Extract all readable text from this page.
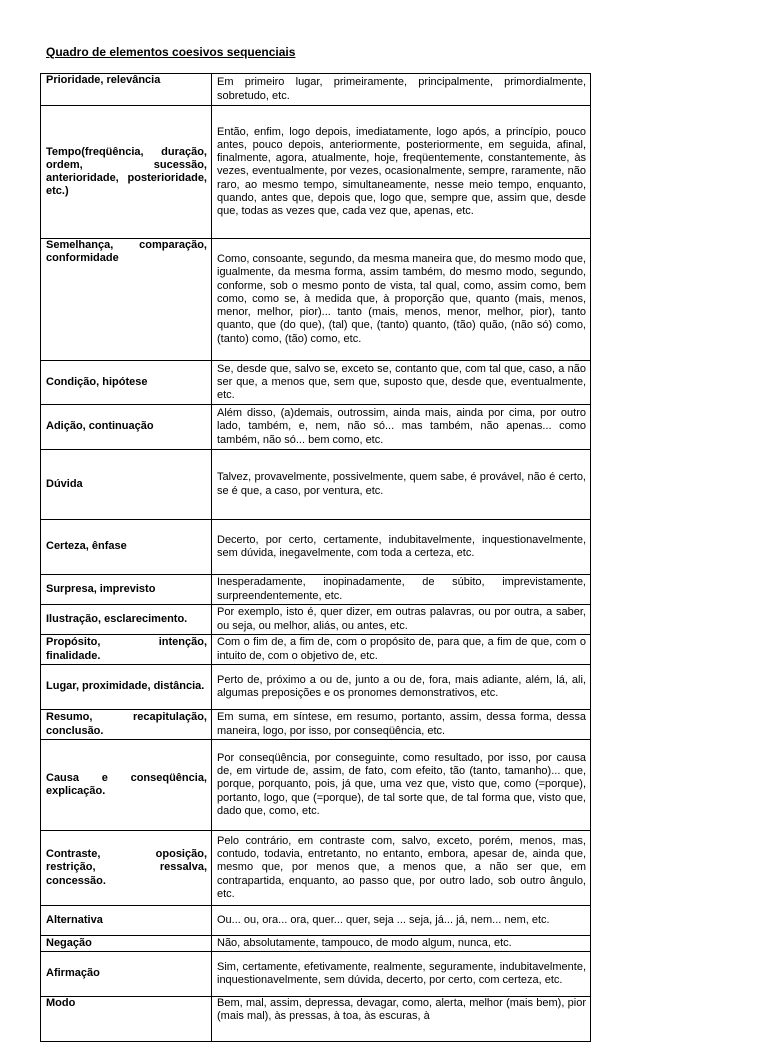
Quadro de elementos coesivos sequenciais
Prioridade, relevância	Em primeiro lugar, primeiramente, principalmente, primordialmente, sobretudo, etc.
Tempo(freqüência, duração, ordem, sucessão, anterioridade, posterioridade, etc.)	Então, enfim, logo depois, imediatamente, logo após, a princípio, pouco antes, pouco depois, anteriormente, posteriormente, em seguida, afinal, finalmente, agora, atualmente, hoje, freqüentemente, constantemente, às vezes, eventualmente, por vezes, ocasionalmente, sempre, raramente, não raro, ao mesmo tempo, simultaneamente, nesse meio tempo, enquanto, quando, antes que, depois que, logo que, sempre que, assim que, desde que, todas as vezes que, cada vez que, apenas, etc.
Semelhança, comparação, conformidade	Como, consoante, segundo, da mesma maneira que, do mesmo modo que, igualmente, da mesma forma, assim também, do mesmo modo, segundo, conforme, sob o mesmo ponto de vista, tal qual, como, assim como, bem como, como se, à medida que, à proporção que, quanto (mais, menos, menor, melhor, pior)... tanto (mais, menos, menor, melhor, pior), tanto quanto, que (do que), (tal) que, (tanto) quanto, (tão) quão, (não só) como, (tanto) como, (tão) como, etc.
Condição, hipótese	Se, desde que, salvo se, exceto se, contanto que, com tal que, caso, a não ser que, a menos que, sem que, suposto que, desde que, eventualmente, etc.
Adição, continuação	Além disso, (a)demais, outrossim, ainda mais, ainda por cima, por outro lado, também, e, nem, não só... mas também, não apenas... como também, não só... bem como, etc.
Dúvida	Talvez, provavelmente, possivelmente, quem sabe, é provável, não é certo, se é que, a caso, por ventura, etc.
Certeza, ênfase	Decerto, por certo, certamente, indubitavelmente, inquestionavelmente, sem dúvida, inegavelmente, com toda a certeza, etc.
Surpresa, imprevisto	Inesperadamente, inopinadamente, de súbito, imprevistamente, surpreendentemente, etc.
Ilustração, esclarecimento.	Por exemplo, isto é, quer dizer, em outras palavras, ou por outra, a saber, ou seja, ou melhor, aliás, ou antes, etc.
Propósito, intenção, finalidade.	Com o fim de, a fim de, com o propósito de, para que, a fim de que, com o intuito de, com o objetivo de, etc.
Lugar, proximidade, distância.	Perto de, próximo a ou de, junto a ou de, fora, mais adiante, além, lá, ali, algumas preposições e os pronomes demonstrativos, etc.
Resumo, recapitulação, conclusão.	Em suma, em síntese, em resumo, portanto, assim, dessa forma, dessa maneira, logo, por isso, por conseqüência, etc.
Causa e conseqüência, explicação.	Por conseqüência, por conseguinte, como resultado, por isso, por causa de, em virtude de, assim, de fato, com efeito, tão (tanto, tamanho)... que, porque, porquanto, pois, já que, uma vez que, visto que, como (=porque), portanto, logo, que (=porque), de tal sorte que, de tal forma que, visto que, dado que, como, etc.
Contraste, oposição, restrição, ressalva, concessão.	Pelo contrário, em contraste com, salvo, exceto, porém, menos, mas, contudo, todavia, entretanto, no entanto, embora, apesar de, ainda que, mesmo que, por menos que, a menos que, a não ser que, em contrapartida, enquanto, ao passo que, por outro lado, sob outro ângulo, etc.
Alternativa	Ou... ou, ora... ora, quer... quer, seja ... seja, já... já, nem... nem, etc.
Negação	Não, absolutamente, tampouco, de modo algum, nunca, etc.
Afirmação	Sim, certamente, efetivamente, realmente, seguramente, indubitavelmente, inquestionavelmente, sem dúvida, decerto, por certo, com certeza, etc.
Modo	Bem, mal, assim, depressa, devagar, como, alerta, melhor (mais bem), pior (mais mal), às pressas, à toa, às escuras, à
